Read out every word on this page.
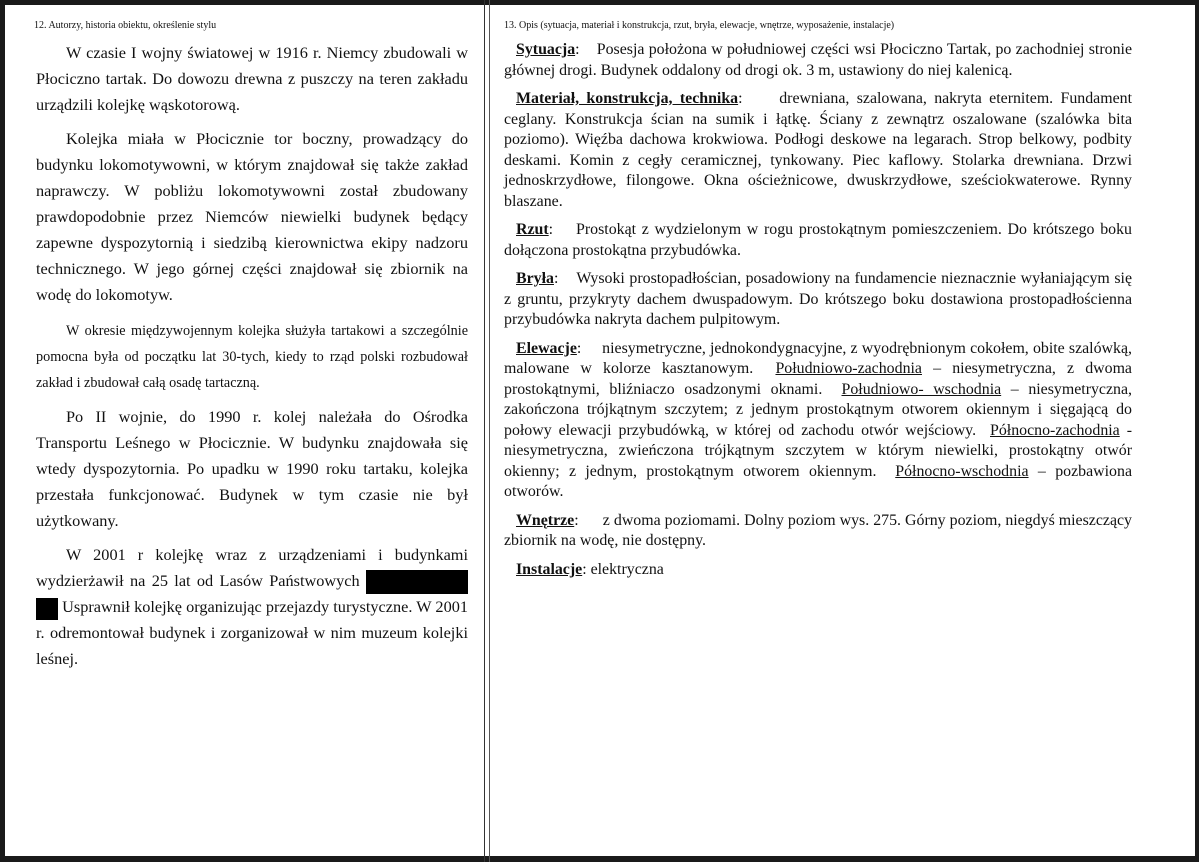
12. Autorzy, historia obiektu, określenie stylu

W czasie I wojny światowej w 1916 r. Niemcy zbudowali w Płociczno tartak. Do dowozu drewna z puszczy na teren zakładu urządzili kolejkę wąskotorową.

Kolejka miała w Płocicznie tor boczny, prowadzący do budynku lokomotywowni, w którym znajdował się także zakład naprawczy. W pobliżu lokomotywowni został zbudowany prawdopodobnie przez Niemców niewielki budynek będący zapewne dyspozytornią i siedzibą kierownictwa ekipy nadzoru technicznego. W jego górnej części znajdował się zbiornik na wodę do lokomotyw.

W okresie międzywojennym kolejka służyła tartakowi a szczególnie pomocna była od początku lat 30-tych, kiedy to rząd polski rozbudował zakład i zbudował całą osadę tartaczną.

Po II wojnie, do 1990 r. kolej należała do Ośrodka Transportu Leśnego w Płocicznie. W budynku znajdowała się wtedy dyspozytornia. Po upadku w 1990 roku tartaku, kolejka przestała funkcjonować. Budynek w tym czasie nie był użytkowany.

W 2001 r kolejkę wraz z urządzeniami i budynkami wydzierżawił na 25 lat od Lasów Państwowych   Usprawnił kolejkę organizując przejazdy turystyczne. W 2001 r. odremontował budynek i zorganizował w nim muzeum kolejki leśnej.

13. Opis (sytuacja, materiał i konstrukcja, rzut, bryła, elewacje, wnętrze, wyposażenie, instalacje)

Sytuacja:    Posesja położona w południowej części wsi Płociczno Tartak, po zachodniej stronie głównej drogi. Budynek oddalony od drogi ok. 3 m, ustawiony do niej kalenicą.

Materiał, konstrukcja, technika:     drewniana, szalowana, nakryta eternitem. Fundament ceglany. Konstrukcja ścian na sumik i łątkę. Ściany z zewnątrz oszalowane (szalówka bita poziomo). Więźba dachowa krokwiowa. Podłogi deskowe na legarach. Strop belkowy, podbity deskami. Komin z cegły ceramicznej, tynkowany. Piec kaflowy. Stolarka drewniana. Drzwi jednoskrzydłowe, filongowe. Okna ościeżnicowe, dwuskrzydłowe, sześciokwaterowe. Rynny blaszane.

Rzut:    Prostokąt z wydzielonym w rogu prostokątnym pomieszczeniem. Do krótszego boku dołączona prostokątna przybudówka.

Bryła:    Wysoki prostopadłościan, posadowiony na fundamencie nieznacznie wyłaniającym się z gruntu, przykryty dachem dwuspadowym. Do krótszego boku dostawiona prostopadłościenna przybudówka nakryta dachem pulpitowym.

Elewacje:     niesymetryczne, jednokondygnacyjne, z wyodrębnionym cokołem, obite szalówką, malowane w kolorze kasztanowym. Południowo-zachodnia – niesymetryczna, z dwoma prostokątnymi, bliźniaczo osadzonymi oknami. Południowo- wschodnia – niesymetryczna, zakończona trójkątnym szczytem; z jednym prostokątnym otworem okiennym i sięgającą do połowy elewacji przybudówką, w której od zachodu otwór wejściowy. Północno-zachodnia - niesymetryczna, zwieńczona trójkątnym szczytem w którym niewielki, prostokątny otwór okienny; z jednym, prostokątnym otworem okiennym. Północno-wschodnia – pozbawiona otworów.

Wnętrze:      z dwoma poziomami. Dolny poziom wys. 275. Górny poziom, niegdyś mieszczący zbiornik na wodę, nie dostępny.

Instalacje: elektryczna
